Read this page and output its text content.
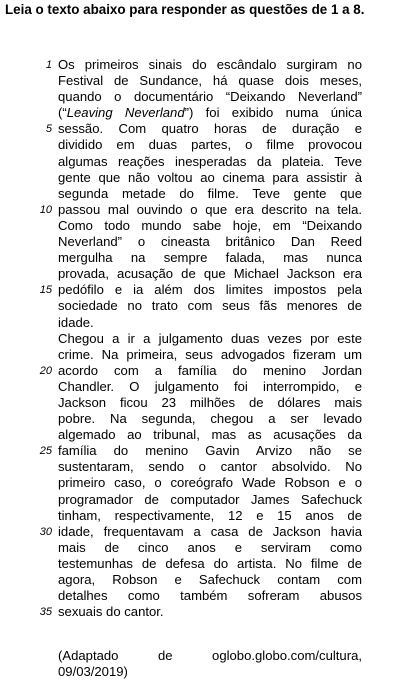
Leia o texto abaixo para responder as questões de 1 a 8.

1 Os primeiros sinais do escândalo surgiram no
Festival de Sundance, há quase dois meses,
quando o documentário “Deixando Neverland”
(“Leaving Neverland”) foi exibido numa única
5 sessão. Com quatro horas de duração e
dividido em duas partes, o filme provocou
algumas reações inesperadas da plateia. Teve
gente que não voltou ao cinema para assistir à
segunda metade do filme. Teve gente que
10 passou mal ouvindo o que era descrito na tela.
Como todo mundo sabe hoje, em “Deixando
Neverland” o cineasta britânico Dan Reed
mergulha na sempre falada, mas nunca
provada, acusação de que Michael Jackson era
15 pedófilo e ia além dos limites impostos pela
sociedade no trato com seus fãs menores de
idade.
Chegou a ir a julgamento duas vezes por este
crime. Na primeira, seus advogados fizeram um
20 acordo com a família do menino Jordan
Chandler. O julgamento foi interrompido, e
Jackson ficou 23 milhões de dólares mais
pobre. Na segunda, chegou a ser levado
algemado ao tribunal, mas as acusações da
25 família do menino Gavin Arvizo não se
sustentaram, sendo o cantor absolvido. No
primeiro caso, o coreógrafo Wade Robson e o
programador de computador James Safechuck
tinham, respectivamente, 12 e 15 anos de
30 idade, frequentavam a casa de Jackson havia
mais de cinco anos e serviram como
testemunhas de defesa do artista. No filme de
agora, Robson e Safechuck contam com
detalhes como também sofreram abusos
35 sexuais do cantor.
(Adaptado de oglobo.globo.com/cultura,
09/03/2019)
